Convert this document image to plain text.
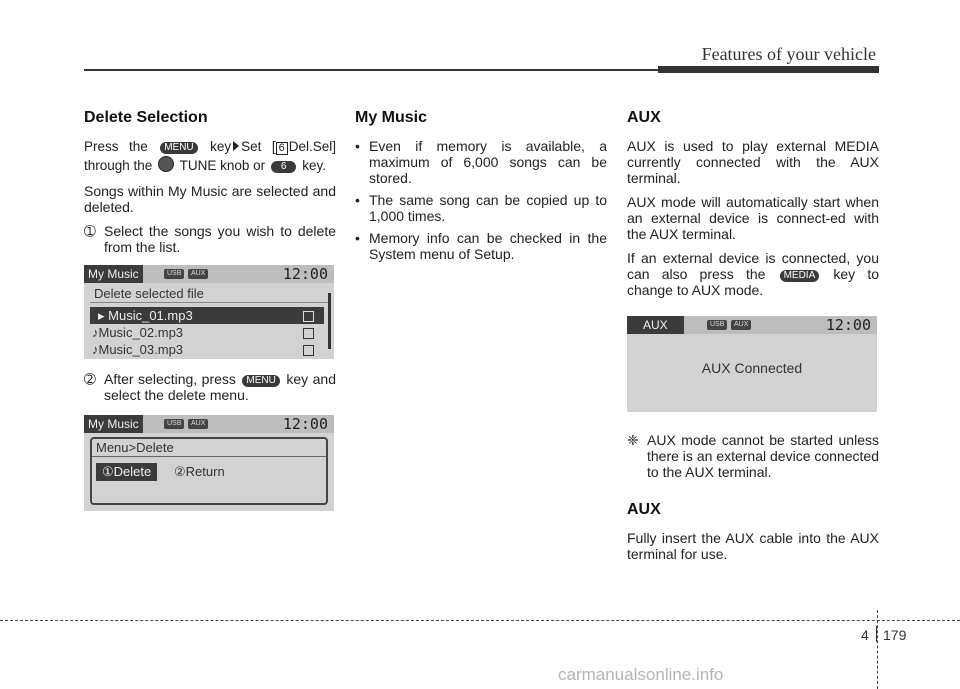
Features of your vehicle
Delete Selection

Press the MENU key Set [ 6 Del.Sel] through the TUNE knob or 6 key.

Songs within My Music are selected and deleted.

➀ Select the songs you wish to delete from the list.
My Music	USB	AUX	12:00
Delete selected file
▸ Music_01.mp3
♪Music_02.mp3
♪Music_03.mp3
➁ After selecting, press MENU key and select the delete menu.
My Music	USB	AUX	12:00
Menu>Delete
①Delete	②Return
My Music
• Even if memory is available, a maximum of 6,000 songs can be stored.
• The same song can be copied up to 1,000 times.
• Memory info can be checked in the System menu of Setup.
AUX

AUX is used to play external MEDIA currently connected with the AUX terminal.

AUX mode will automatically start when an external device is connect-ed with the AUX terminal.

If an external device is connected, you can also press the MEDIA key to change to AUX mode.

AUX	USB	AUX	12:00
AUX Connected
❈ AUX mode cannot be started unless there is an external device connected to the AUX terminal.
AUX

Fully insert the AUX cable into the AUX terminal for use.

4 179
carmanualsonline.info
